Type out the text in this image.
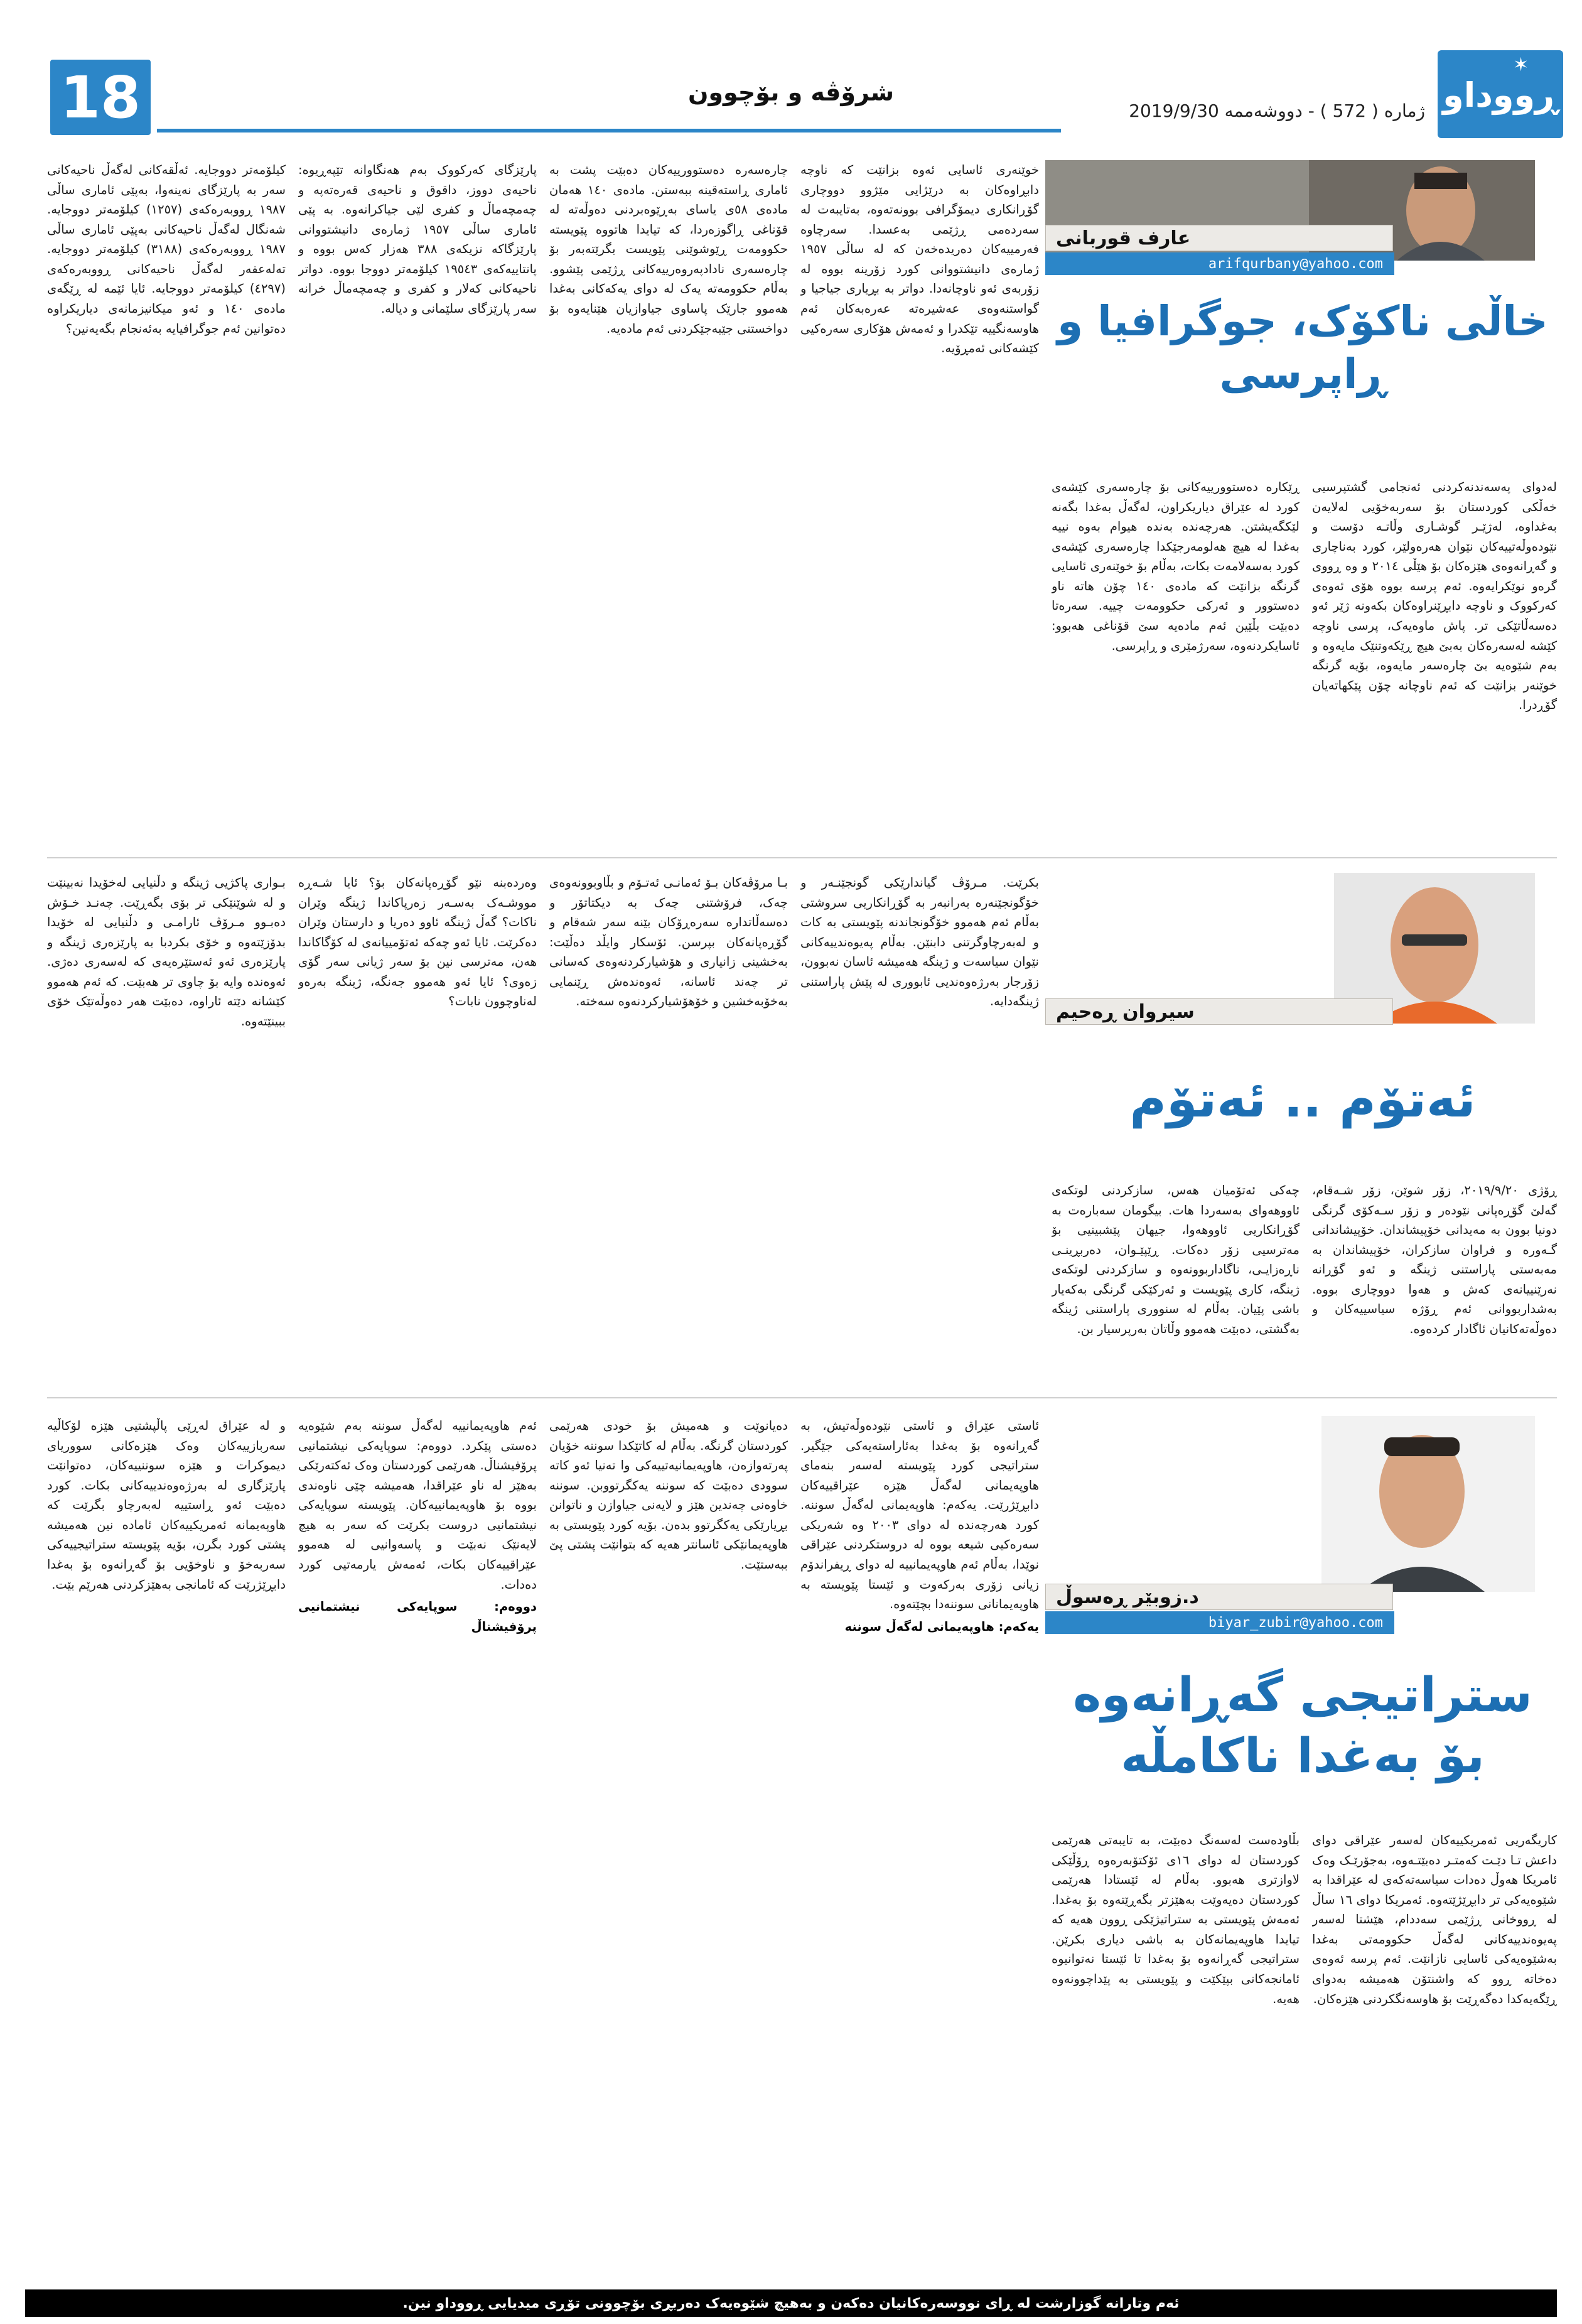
18	شرۆڤە و بۆچوون
ژمارە ( 572 ) - دووشەممە 2019/9/30
✶
ڕوودا‌و
عارف قوربانی
arifqurbany@yahoo.com
خاڵی ناکۆک، جوگرافیا و ڕاپرسی

لەدوای پەسەندنەکردنی ئەنجامی گشتپرسیی خەڵکی کوردستان بۆ سەربەخۆیی لەلایەن بەغداوە، لەژێـر گوشـاری وڵاتـە دۆست و نێودەوڵەتییەکان نێوان هەرەولێر، کورد بەناچاری و گەڕانەوەی هێزەکان بۆ هێڵی ٢٠١٤ و وە ڕووی گرەو نوێکرایەوە. ئەم پرسە بووە هۆی ئەوەی کەرکووک و ناوچە دابڕێنراوەکان بکەونە ژێر ئەو دەسەڵاتێکی تر. پاش ماوەیەک، پرسی ناوچە کێشە لەسەرەکان بەبێ هیچ ڕێکەوتنێک مایەوە و بەم شێوەیە بێ چارەسەر مایەوە، بۆیە گرنگە خوێنەر بزانێت کە ئەم ناوچانە چۆن پێکهاتەیان گۆڕدرا.

ڕێکارە دەستوورییەکانی بۆ چارەسەری کێشەی کورد لە عێراق دیاریکراون، لەگەڵ بەغدا بگەنە لێکگەیشتن. هەرچەندە بەندە هیوام بەوە نییە بەغدا لە هیچ هەلومەرجێکدا چارەسەری کێشەی کورد بەسەلامەت بکات، بەڵام بۆ خوێنەری ئاسایی گرنگە بزانێت کە مادەی ١٤٠ چۆن هاتە ناو دەستوور و ئەرکی حکوومەت چییە. سەرەتا دەبێت بڵێین ئەم مادەیە سێ قۆناغی هەبوو: ئاسایکردنەوە، سەرژمێری و ڕاپرسی.

خوێنەری ئاسایی ئەوە بزانێت کە ناوچە دابڕاوەکان بە درێژایی مێژوو دووچاری گۆڕانکاری دیمۆگرافی بوونەتەوە، بەتایبەت لە سەردەمی ڕژێمی بەعسدا. سەرچاوە فەرمییەکان دەریدەخەن کە لە ساڵی ١٩٥٧ ژمارەی دانیشتووانی کورد زۆرینە بووە لە زۆربەی ئەو ناوچانەدا. دواتر بە بڕیاری جیاجیا و گواستنەوەی عەشیرەتە عەرەبەکان ئەم هاوسەنگییە تێکدرا و ئەمەش هۆکاری سەرەکیی کێشەکانی ئەمڕۆیە.

چارەسەرە دەستوورییەکان دەبێت پشت بە ئاماری ڕاستەقینە ببەستن. مادەی ١٤٠ هەمان مادەی ٥٨ی یاسای بەڕێوەبردنی دەوڵەتە لە قۆناغی ڕاگوزەردا، کە تیایدا هاتووە پێویستە حکوومەت ڕێوشوێنی پێویست بگرێتەبەر بۆ چارەسەری نادادپەروەرییەکانی ڕژێمی پێشوو. بەڵام حکوومەتە یەک لە دوای یەکەکانی بەغدا هەموو جارێک پاساوی جیاوازیان هێنایەوە بۆ دواخستنی جێبەجێکردنی ئەم مادەیە.

پارێزگای کەرکووک بەم هەنگاوانە تێپەڕیوە: ناحیەی دووز، داقوق و ناحیەی قەرەتەپە و چەمچەماڵ و کفری لێی جیاکرانەوە. بە پێی ئاماری ساڵی ١٩٥٧ ژمارەی دانیشتووانی پارێزگاکە نزیکەی ٣٨٨ هەزار کەس بووە و پانتاییەکەی ١٩٥٤٣ کیلۆمەتر دووجا بووە. دواتر ناحیەکانی کەلار و کفری و چەمچەماڵ خرانە سەر پارێزگای سلێمانی و دیالە.

کیلۆمەتر دووجایە. ئەڵقەکانی لەگەڵ ناحیەکانی سەر بە پارێزگای نەینەوا، بەپێی ئاماری ساڵی ١٩٨٧ ڕووبەرەکەی (١٢٥٧) کیلۆمەتر دووجایە. شەنگال لەگەڵ ناحیەکانی بەپێی ئاماری ساڵی ١٩٨٧ ڕووبەرەکەی (٣١٨٨) کیلۆمەتر دووجایە. تەلەعفەر لەگەڵ ناحیەکانی ڕووبەرەکەی (٤٢٩٧) کیلۆمەتر دووجایە. ئایا ئێمە لە ڕێگەی مادەی ١٤٠ و ئەو میکانیزمانەی دیاریکراوە دەتوانین ئەم جوگرافیایە بەئەنجام بگەیەنین؟

سیروان ڕەحیم
ئەتۆم .. ئەتۆم

ڕۆژی ٢٠١٩/٩/٢٠، زۆر شوێن، زۆر شـەقام، گەلێ گۆڕەپانی نێودەر و زۆر سـەکۆی گرنگی دونیا بوون بە مەیدانی خۆپیشاندان. خۆپیشاندانی گـەورە و فراوان سازکران، خۆپیشاندان بە مەبەستی پاراستنی ژینگە و ئەو گۆڕانە نەرێنییانەی کەش و هەوا دووچاری بووە. بەشداربووانی ئەم ڕۆژە سیاسییەکان و دەوڵەتەکانیان ئاگادار کردەوە.

چەکی ئەتۆمیان هەس، سازکردنی لوتکەی ئاووهەوای بەسەردا هات. بیگومان سەبارەت بە گۆڕانکاریی ئاووهەوا، جیهان پێشبینیی بۆ مەترسیی زۆر دەکات. ڕێپێـوان، دەربڕینـی ناڕەزایـی، ناگاداربوونەوە و سازکردنی لوتکەی ژینگە، کاری پێویست و ئەرکێکی گرنگی بەکەیار باشی پێیان. بەڵام لە سنووری پاراستنی ژینگە بەگشتی، دەبێت هەموو وڵاتان بەرپرسیار بن.

بکرێت. مـرۆڤ گیاندارێکی گونجێنـەر و خۆگونجێنەرە بەرانبەر بە گۆڕانکاریی سروشتی بەڵام ئەم هەموو خۆگونجاندنە پێویستی بە کات و لەبەرچاوگرتنی دابنێن. بەڵام پەیوەندییەکانی نێوان سیاسەت و ژینگە هەمیشە ئاسان نەبوون، زۆرجار بەرژەوەندیی ئابووری لە پێش پاراستنی ژینگەدایە.

بـا مرۆڤەکان بـۆ ئەمانـی ئەتـۆم و بڵاوبوونەوەی چەک، فرۆشتنی چەک بە دیکتاتۆر و دەسەڵاتدارە سەرەڕۆکان بێنە سەر شەقام و گۆڕەپانەکان بپرسن. ئۆسکار وایڵد دەڵێت: بەخشینی زانیاری و هۆشیارکردنەوەی کەسانی تر چەند ئاسانە، ئەوەندەش ڕێنمایی بەخۆبەخشین و خۆهۆشیارکردنەوە سەختە.

وەردەبنە نێو گۆڕەپانەکان بۆ؟ ئایا شـەڕە مووشـەک بەسـەر زەرپاکاندا ژینگە وێران ناکات؟ گەڵ ژینگە ئاوو دەریا و دارستان وێران دەکرێت. ئایا ئەو چەکە ئەتۆمییانەی لە کۆگاکاندا هەن، مەترسی نین بۆ سەر ژیانی سەر گۆی زەوی؟ ئایا ئەو هەموو جەنگە، ژینگە بەرەو لەناوچوون نابات؟

بـواری پاکژیی ژینگە و دڵنیایی لەخۆیدا نەبینێت و لە شوێنێکی تر بۆی بگەڕێت. چەنـد خـۆش دەبـوو مـرۆڤ ئارامـی و دڵنیایی لە خۆیدا بدۆزێتەوە و خۆی بکردبا بە پارێزەری ژینگە و پارێزەری ئەو ئەستێرەیەی کە لەسەری دەژی. ئەوەندە وایە بۆ چاوی تر هەبێت. کە ئەم هەموو کێشانە دێتە ئاراوە، دەبێت هەر دەوڵەتێک خۆی ببینێتەوە.

د.زوبێر ڕەسوڵ
biyar_zubir@yahoo.com
ستراتیجی گەڕانەوە بۆ بەغدا ناکامڵە

کاریگەریی ئەمریکییەکان لەسەر عێراقی دوای داعش تـا دێـت کەمتـر دەبێتـەوە، بەجۆرێـک وەک ئامریکا هەوڵ دەدات سیاسەتەکەی لە عێراقدا بە شێوەیەکی تر دابڕێژێتەوە. ئەمریکا دوای ١٦ ساڵ لە ڕووخانی ڕژێمی سەددام، هێشتا لەسەر پەیوەندییەکانی لەگەڵ حکوومەتی بەغدا بەشێوەیەکی ئاسایی نازانێت. ئەم پرسە ئەوەی دەخاتە ڕوو کە واشنتۆن هەمیشە بەدوای ڕێگەیەکدا دەگەڕێت بۆ هاوسەنگکردنی هێزەکان.

بڵاودەست لەسەنگ دەبێت، بە تایبەتی هەرێمی کوردستان لە دوای ١٦ی ئۆکتۆبەرەوە ڕۆڵێکی لاوازتری هەبوو. بەڵام لە ئێستادا هەرێمی کوردستان دەیەوێت بەهێزتر بگەڕێتەوە بۆ بەغدا. ئەمەش پێویستی بە ستراتیژێکی ڕوون هەیە کە تیایدا هاوپەیمانەکان بە باشی دیاری بکرێن. ستراتیجی گەڕانەوە بۆ بەغدا تا ئێستا نەتوانیوە ئامانجەکانی بپێکێت و پێویستی بە پێداچوونەوە هەیە.

ئاستی عێراق و ئاستی نێودەوڵەتیش، بە گەڕانەوە بۆ بەغدا بەئاراستەیەکی جێگیر. ستراتیجی کورد پێویستە لەسەر بنەمای هاوپەیمانی لەگەڵ هێزە عێراقییەکان دابڕێژرێت. یەکەم: هاوپەیمانی لەگەڵ سوننە. کورد هەرچەندە لە دوای ٢٠٠٣ وە شەریکی سەرەکیی شیعە بووە لە دروستکردنی عێراقی نوێدا، بەڵام ئەم هاوپەیمانییە لە دوای ڕیفراندۆم زیانی زۆری بەرکەوت و ئێستا پێویستە بە هاوپەیمانانی سوننەدا بچێتەوە.

یەکەم: هاوپەیمانی لەگەڵ سوننە

دەیانوێت و هەمیش بۆ خودی هەرێمی کوردستان گرنگە. بەڵام لە کاتێکدا سوننە خۆیان پەرتەوازەن، هاوپەیمانیەتییەکی وا تەنیا ئەو کاتە سوودی دەبێت کە سوننە یەکگرتووبن. سوننە خاوەنی چەندین هێز و لایەنی جیاوازن و ناتوانن بڕیارێکی یەکگرتوو بدەن. بۆیە کورد پێویستی بە هاوپەیمانێکی ئاسانتر هەیە کە بتوانێت پشتی پێ ببەستێت.

ئەم هاوپەیمانییە لەگەڵ سوننە بەم شێوەیە دەستی پێکرد. دووەم: سوپایەکی نیشتمانیی پرۆفیشناڵ. هەرێمی کوردستان وەک ئەکتەرێکی بەهێز لە ناو عێراقدا، هەمیشە چێی ناوەندی بووە بۆ هاوپەیمانییەکان. پێویستە سوپایەکی نیشتمانیی دروست بکرێت کە سەر بە هیچ لایەنێک نەبێت و پاسەوانیی لە هەموو عێراقییەکان بکات، ئەمەش یارمەتیی کورد دەدات.

دووەم: سوپایەکی نیشتمانیی پرۆفیشناڵ

و لە عێراق لەڕێی پاڵپشتیی هێزە لۆکاڵیە سەربازییەکان وەک هێزەکانی سووریای دیموکرات و هێزە سوننییەکان، دەتوانێت پارێزگاری لە بەرژەوەندییەکانی بکات. کورد دەبێت ئەو ڕاستییە لەبەرچاو بگرێت کە هاوپەیمانە ئەمریکییەکان ئامادە نین هەمیشە پشتی کورد بگرن، بۆیە پێویستە ستراتیجییەکی سەربەخۆ و ناوخۆیی بۆ گەڕانەوە بۆ بەغدا دابڕێژرێت کە ئامانجی بەهێزکردنی هەرێم بێت.

ئەم وتارانە گوزارشت لە ڕای نووسەرەکانیان دەکەن و بەهیچ شێوەیەک دەربڕی بۆچوونی تۆڕی میدیایی ڕووداو نین.
